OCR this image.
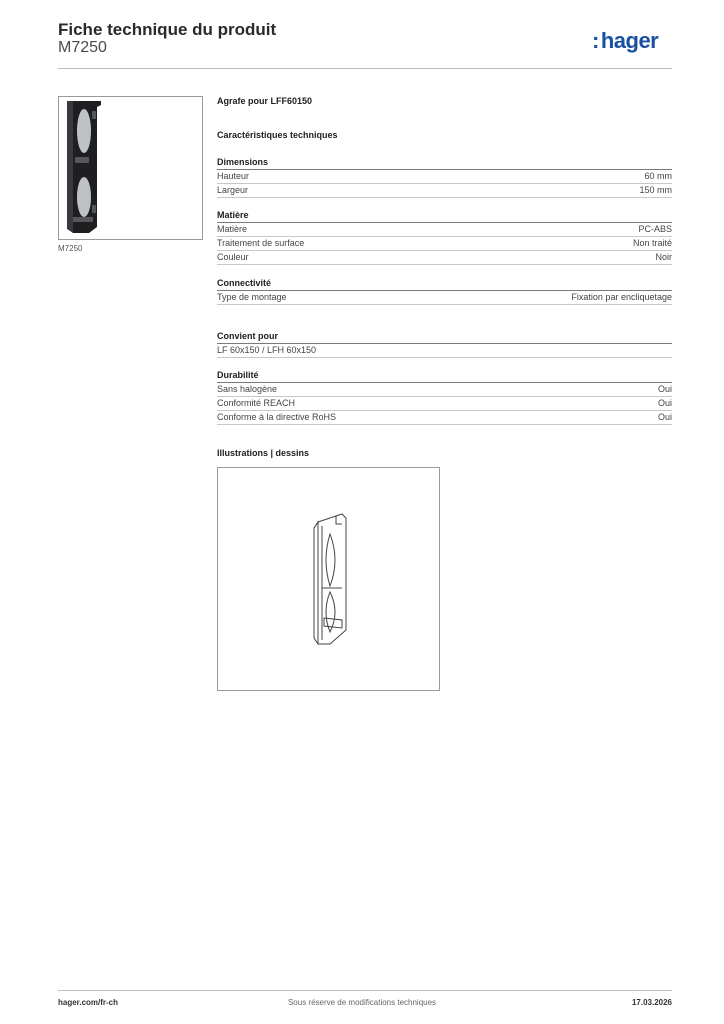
Fiche technique du produit
M7250	:hager
M7250
Agrafe pour LFF60150
Caractéristiques techniques
Dimensions
Hauteur	60 mm
Largeur	150 mm
Matière
Matière	PC-ABS
Traitement de surface	Non traité
Couleur	Noir
Connectivité
Type de montage	Fixation par encliquetage
Convient pour
LF 60x150 / LFH 60x150
Durabilité
Sans halogène	Oui
Conformité REACH	Oui
Conforme à la directive RoHS	Oui
Illustrations | dessins
hager.com/fr-ch	Sous réserve de modifications techniques	17.03.2026
